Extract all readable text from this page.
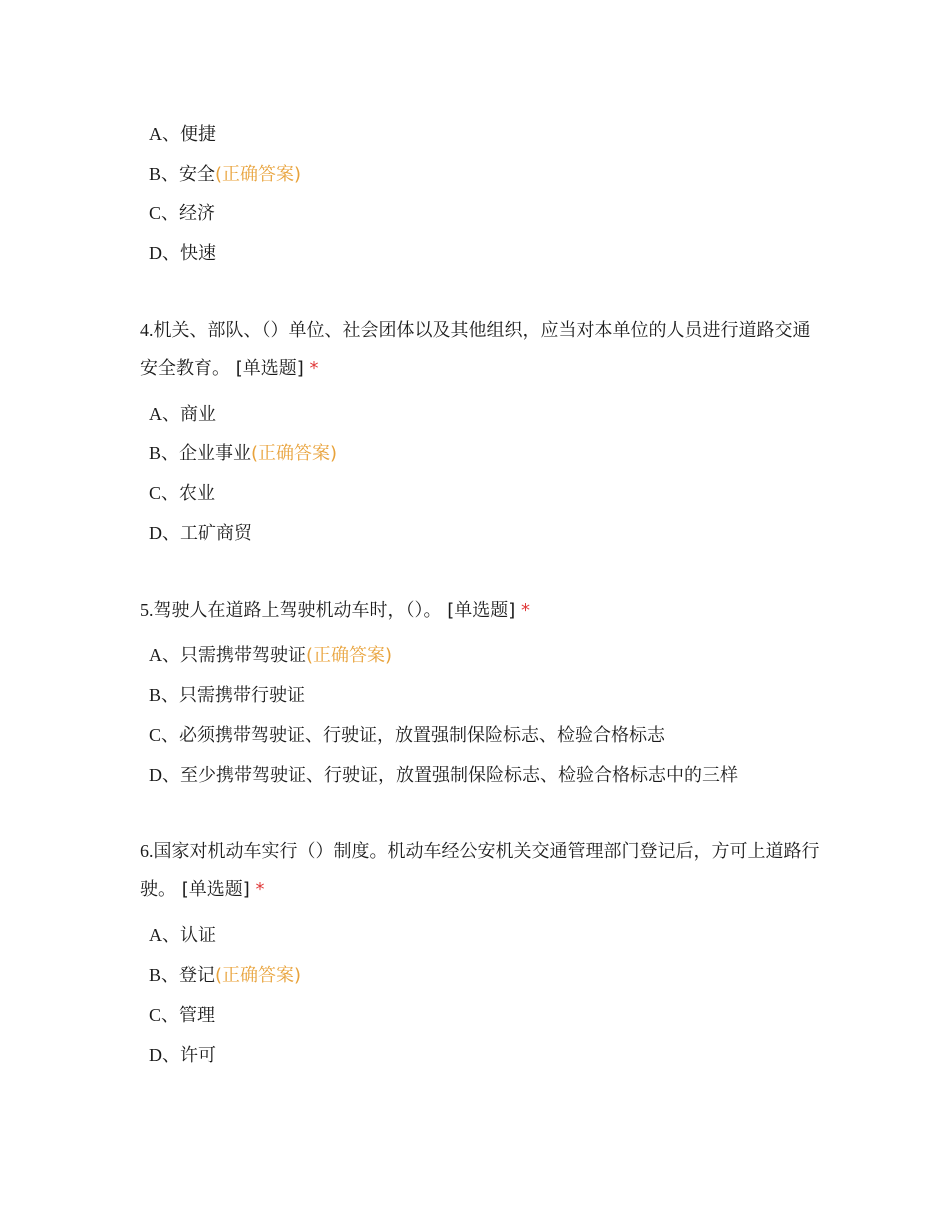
A、便捷
B、安全(正确答案)
C、经济
D、快速
4.机关、部队、（）单位、社会团体以及其他组织，应当对本单位的人员进行道路交通安全教育。 [单选题] *
A、商业
B、企业事业(正确答案)
C、农业
D、工矿商贸
5.驾驶人在道路上驾驶机动车时，（）。 [单选题] *
A、只需携带驾驶证(正确答案)
B、只需携带行驶证
C、必须携带驾驶证、行驶证，放置强制保险标志、检验合格标志
D、至少携带驾驶证、行驶证，放置强制保险标志、检验合格标志中的三样
6.国家对机动车实行（）制度。机动车经公安机关交通管理部门登记后，方可上道路行驶。 [单选题] *
A、认证
B、登记(正确答案)
C、管理
D、许可
